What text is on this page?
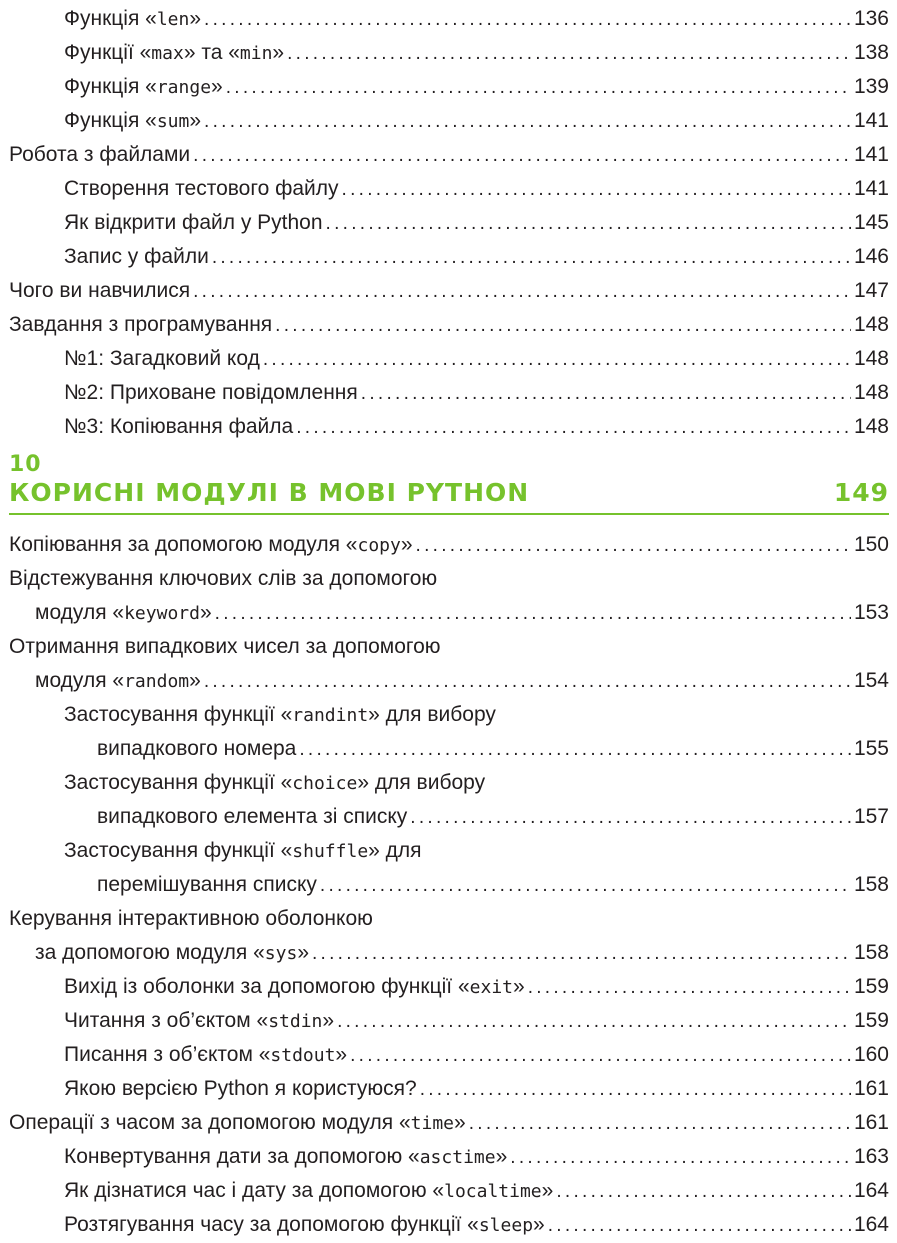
Функція «len» . . .	136
Функції «max» та «min» . . .	138
Функція «range» . . .	139
Функція «sum» . . .	141
Робота з файлами . . .	141
Створення тестового файлу . . .	141
Як відкрити файл у Python . . .	145
Запис у файли . . .	146
Чого ви навчилися . . .	147
Завдання з програмування . . .	148
№1: Загадковий код . . .	148
№2: Приховане повідомлення . . .	148
№3: Копіювання файла . . .	148
Копіювання за допомогою модуля «copy» . . .	150
Відстежування ключових слів за допомогою
модуля «keyword» . . .	153
Отримання випадкових чисел за допомогою
модуля «random» . . .	154
Застосування функції «randint» для вибору
випадкового номера . . .	155
Застосування функції «choice» для вибору
випадкового елемента зі списку . . .	157
Застосування функції «shuffle» для
перемішування списку . . .	158
Керування інтерактивною оболонкою
за допомогою модуля «sys» . . .	158
Вихід із оболонки за допомогою функції «exit» . . .	159
Читання з об’єктом «stdin» . . .	159
Писання з об’єктом «stdout» . . .	160
Якою версією Python я користуюся? . . .	161
Операції з часом за допомогою модуля «time» . . .	161
Конвертування дати за допомогою «asctime» . . .	163
Як дізнатися час і дату за допомогою «localtime» . . .	164
Розтягування часу за допомогою функції «sleep» . . .	164
10
КОРИСНІ МОДУЛІ В МОВІ PYTHON	149
